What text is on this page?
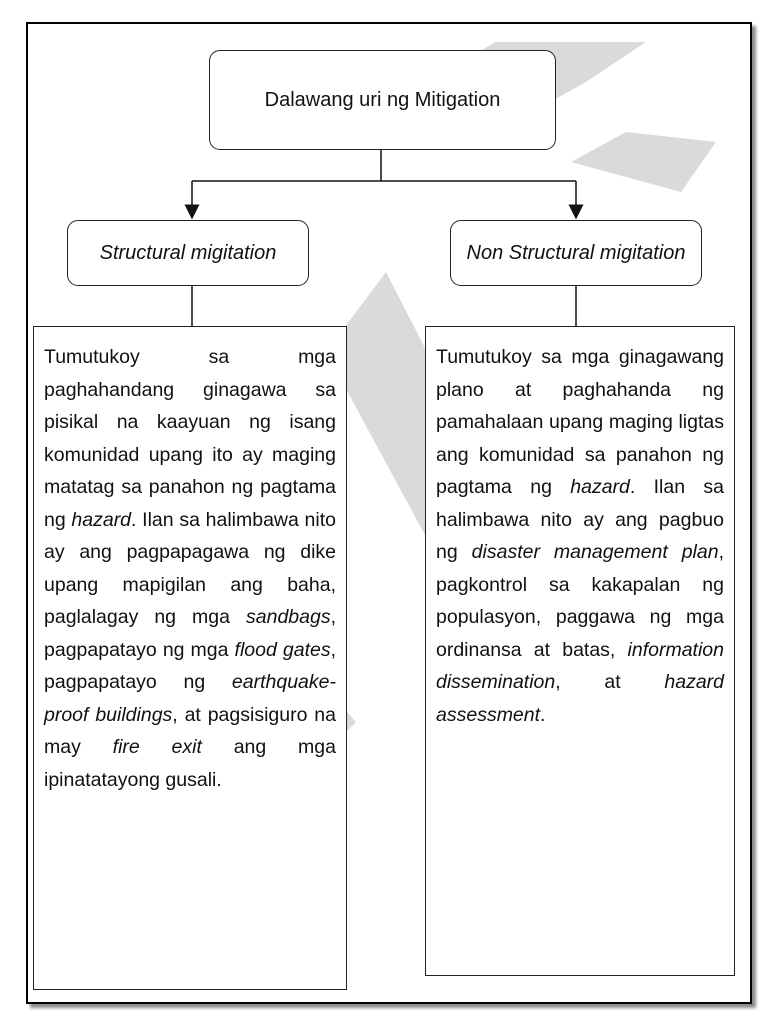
Dalawang uri ng Mitigation
Structural migitation	Non Structural migitation
Tumutukoy sa mga paghahandang ginagawa sa pisikal na kaayuan ng isang komunidad upang ito ay maging matatag sa panahon ng pagtama ng hazard. Ilan sa halimbawa nito ay ang pagpapagawa ng dike upang mapigilan ang baha, paglalagay ng mga sandbags, pagpapatayo ng mga flood gates, pagpapatayo ng earthquake-proof buildings, at pagsisiguro na may fire exit ang mga ipinatatayong gusali.
Tumutukoy sa mga ginagawang plano at paghahanda ng pamahalaan upang maging ligtas ang komunidad sa panahon ng pagtama ng hazard. Ilan sa halimbawa nito ay ang pagbuo ng disaster management plan, pagkontrol sa kakapalan ng populasyon, paggawa ng mga ordinansa at batas, information dissemination, at hazard assessment.
